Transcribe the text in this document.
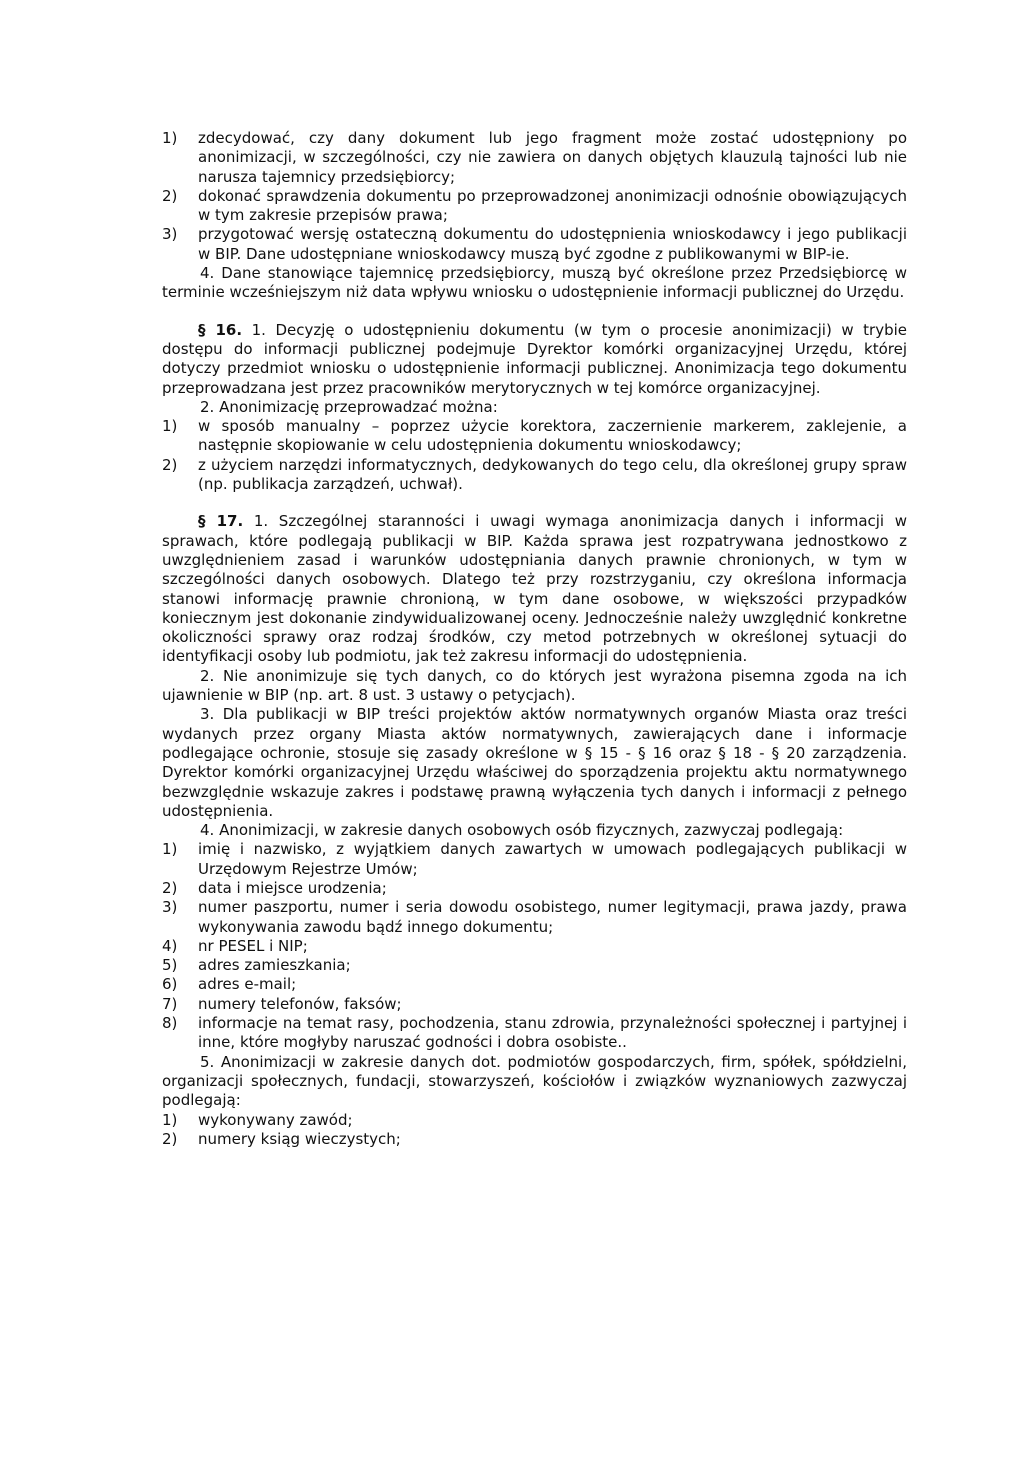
1)	zdecydować, czy dany dokument lub jego fragment może zostać udostępniony po anonimizacji, w szczególności, czy nie zawiera on danych objętych klauzulą tajności lub nie narusza tajemnicy przedsiębiorcy;
2)	dokonać sprawdzenia dokumentu po przeprowadzonej anonimizacji odnośnie obowiązujących w tym zakresie przepisów prawa;
3)	przygotować wersję ostateczną dokumentu do udostępnienia wnioskodawcy i jego publikacji w BIP. Dane udostępniane wnioskodawcy muszą być zgodne z publikowanymi w BIP-ie.
4. Dane stanowiące tajemnicę przedsiębiorcy, muszą być określone przez Przedsiębiorcę w terminie wcześniejszym niż data wpływu wniosku o udostępnienie informacji publicznej do Urzędu.
§ 16. 1. Decyzję o udostępnieniu dokumentu (w tym o procesie anonimizacji) w trybie dostępu do informacji publicznej podejmuje Dyrektor komórki organizacyjnej Urzędu, której dotyczy przedmiot wniosku o udostępnienie informacji publicznej. Anonimizacja tego dokumentu przeprowadzana jest przez pracowników merytorycznych w tej komórce organizacyjnej.
2. Anonimizację przeprowadzać można:
1)	w sposób manualny – poprzez użycie korektora, zaczernienie markerem, zaklejenie, a następnie skopiowanie w celu udostępnienia dokumentu wnioskodawcy;
2)	z użyciem narzędzi informatycznych, dedykowanych do tego celu, dla określonej grupy spraw (np. publikacja zarządzeń, uchwał).
§ 17. 1. Szczególnej staranności i uwagi wymaga anonimizacja danych i informacji w sprawach, które podlegają publikacji w BIP. Każda sprawa jest rozpatrywana jednostkowo z uwzględnieniem zasad i warunków udostępniania danych prawnie chronionych, w tym w szczególności danych osobowych. Dlatego też przy rozstrzyganiu, czy określona informacja stanowi informację prawnie chronioną, w tym dane osobowe, w większości przypadków koniecznym jest dokonanie zindywidualizowanej oceny. Jednocześnie należy uwzględnić konkretne okoliczności sprawy oraz rodzaj środków, czy metod potrzebnych w określonej sytuacji do identyfikacji osoby lub podmiotu, jak też zakresu informacji do udostępnienia.
2. Nie anonimizuje się tych danych, co do których jest wyrażona pisemna zgoda na ich ujawnienie w BIP (np. art. 8 ust. 3 ustawy o petycjach).
3. Dla publikacji w BIP treści projektów aktów normatywnych organów Miasta oraz treści wydanych przez organy Miasta aktów normatywnych, zawierających dane i informacje podlegające ochronie, stosuje się zasady określone w § 15 - § 16 oraz § 18 - § 20 zarządzenia. Dyrektor komórki organizacyjnej Urzędu właściwej do sporządzenia projektu aktu normatywnego bezwzględnie wskazuje zakres i podstawę prawną wyłączenia tych danych i informacji z pełnego udostępnienia.
4. Anonimizacji, w zakresie danych osobowych osób fizycznych, zazwyczaj podlegają:
1)	imię i nazwisko, z wyjątkiem danych zawartych w umowach podlegających publikacji w Urzędowym Rejestrze Umów;
2)	data i miejsce urodzenia;
3)	numer paszportu, numer i seria dowodu osobistego, numer legitymacji, prawa jazdy, prawa wykonywania zawodu bądź innego dokumentu;
4)	nr PESEL i NIP;
5)	adres zamieszkania;
6)	adres e-mail;
7)	numery telefonów, faksów;
8)	informacje na temat rasy, pochodzenia, stanu zdrowia, przynależności społecznej i partyjnej i inne, które mogłyby naruszać godności i dobra osobiste..
5. Anonimizacji w zakresie danych dot. podmiotów gospodarczych, firm, spółek, spółdzielni, organizacji społecznych, fundacji, stowarzyszeń, kościołów i związków wyznaniowych zazwyczaj podlegają:
1)	wykonywany zawód;
2)	numery ksiąg wieczystych;
